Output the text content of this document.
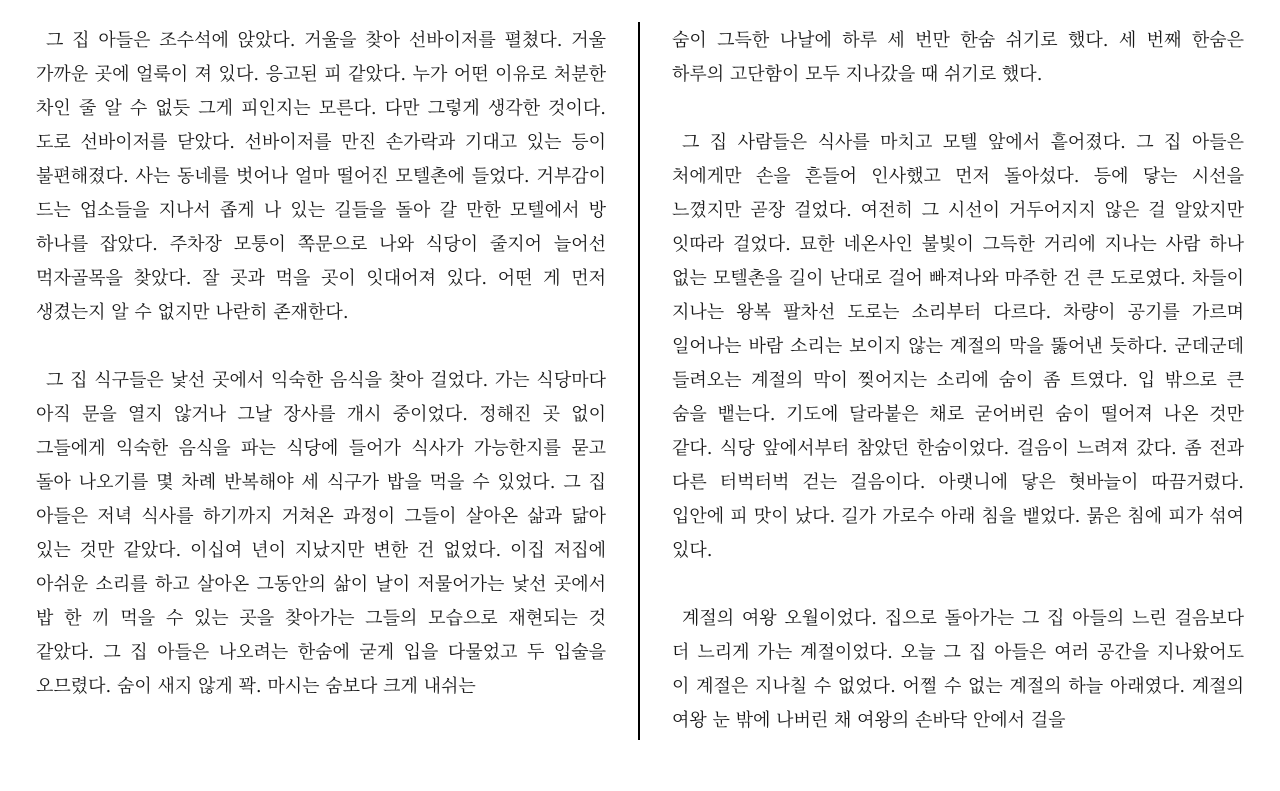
그 집 아들은 조수석에 앉았다. 거울을 찾아 선바이저를 펼쳤다. 거울 가까운 곳에 얼룩이 져 있다. 응고된 피 같았다. 누가 어떤 이유로 처분한 차인 줄 알 수 없듯 그게 피인지는 모른다. 다만 그렇게 생각한 것이다. 도로 선바이저를 닫았다. 선바이저를 만진 손가락과 기대고 있는 등이 불편해졌다. 사는 동네를 벗어나 얼마 떨어진 모텔촌에 들었다. 거부감이 드는 업소들을 지나서 좁게 나 있는 길들을 돌아 갈 만한 모텔에서 방 하나를 잡았다. 주차장 모퉁이 쪽문으로 나와 식당이 줄지어 늘어선 먹자골목을 찾았다. 잘 곳과 먹을 곳이 잇대어져 있다. 어떤 게 먼저 생겼는지 알 수 없지만 나란히 존재한다.

그 집 식구들은 낯선 곳에서 익숙한 음식을 찾아 걸었다. 가는 식당마다 아직 문을 열지 않거나 그날 장사를 개시 중이었다. 정해진 곳 없이 그들에게 익숙한 음식을 파는 식당에 들어가 식사가 가능한지를 묻고 돌아 나오기를 몇 차례 반복해야 세 식구가 밥을 먹을 수 있었다. 그 집 아들은 저녁 식사를 하기까지 거쳐온 과정이 그들이 살아온 삶과 닮아 있는 것만 같았다. 이십여 년이 지났지만 변한 건 없었다. 이집 저집에 아쉬운 소리를 하고 살아온 그동안의 삶이 날이 저물어가는 낯선 곳에서 밥 한 끼 먹을 수 있는 곳을 찾아가는 그들의 모습으로 재현되는 것 같았다. 그 집 아들은 나오려는 한숨에 굳게 입을 다물었고 두 입술을 오므렸다. 숨이 새지 않게 꽉. 마시는 숨보다 크게 내쉬는

숨이 그득한 나날에 하루 세 번만 한숨 쉬기로 했다. 세 번째 한숨은 하루의 고단함이 모두 지나갔을 때 쉬기로 했다.

그 집 사람들은 식사를 마치고 모텔 앞에서 흩어졌다. 그 집 아들은 처에게만 손을 흔들어 인사했고 먼저 돌아섰다. 등에 닿는 시선을 느꼈지만 곧장 걸었다. 여전히 그 시선이 거두어지지 않은 걸 알았지만 잇따라 걸었다. 묘한 네온사인 불빛이 그득한 거리에 지나는 사람 하나 없는 모텔촌을 길이 난대로 걸어 빠져나와 마주한 건 큰 도로였다. 차들이 지나는 왕복 팔차선 도로는 소리부터 다르다. 차량이 공기를 가르며 일어나는 바람 소리는 보이지 않는 계절의 막을 뚫어낸 듯하다. 군데군데 들려오는 계절의 막이 찢어지는 소리에 숨이 좀 트였다. 입 밖으로 큰 숨을 뱉는다. 기도에 달라붙은 채로 굳어버린 숨이 떨어져 나온 것만 같다. 식당 앞에서부터 참았던 한숨이었다. 걸음이 느려져 갔다. 좀 전과 다른 터벅터벅 걷는 걸음이다. 아랫니에 닿은 혓바늘이 따끔거렸다. 입안에 피 맛이 났다. 길가 가로수 아래 침을 뱉었다. 묽은 침에 피가 섞여 있다.

계절의 여왕 오월이었다. 집으로 돌아가는 그 집 아들의 느린 걸음보다 더 느리게 가는 계절이었다. 오늘 그 집 아들은 여러 공간을 지나왔어도 이 계절은 지나칠 수 없었다. 어쩔 수 없는 계절의 하늘 아래였다. 계절의 여왕 눈 밖에 나버린 채 여왕의 손바닥 안에서 걸을
